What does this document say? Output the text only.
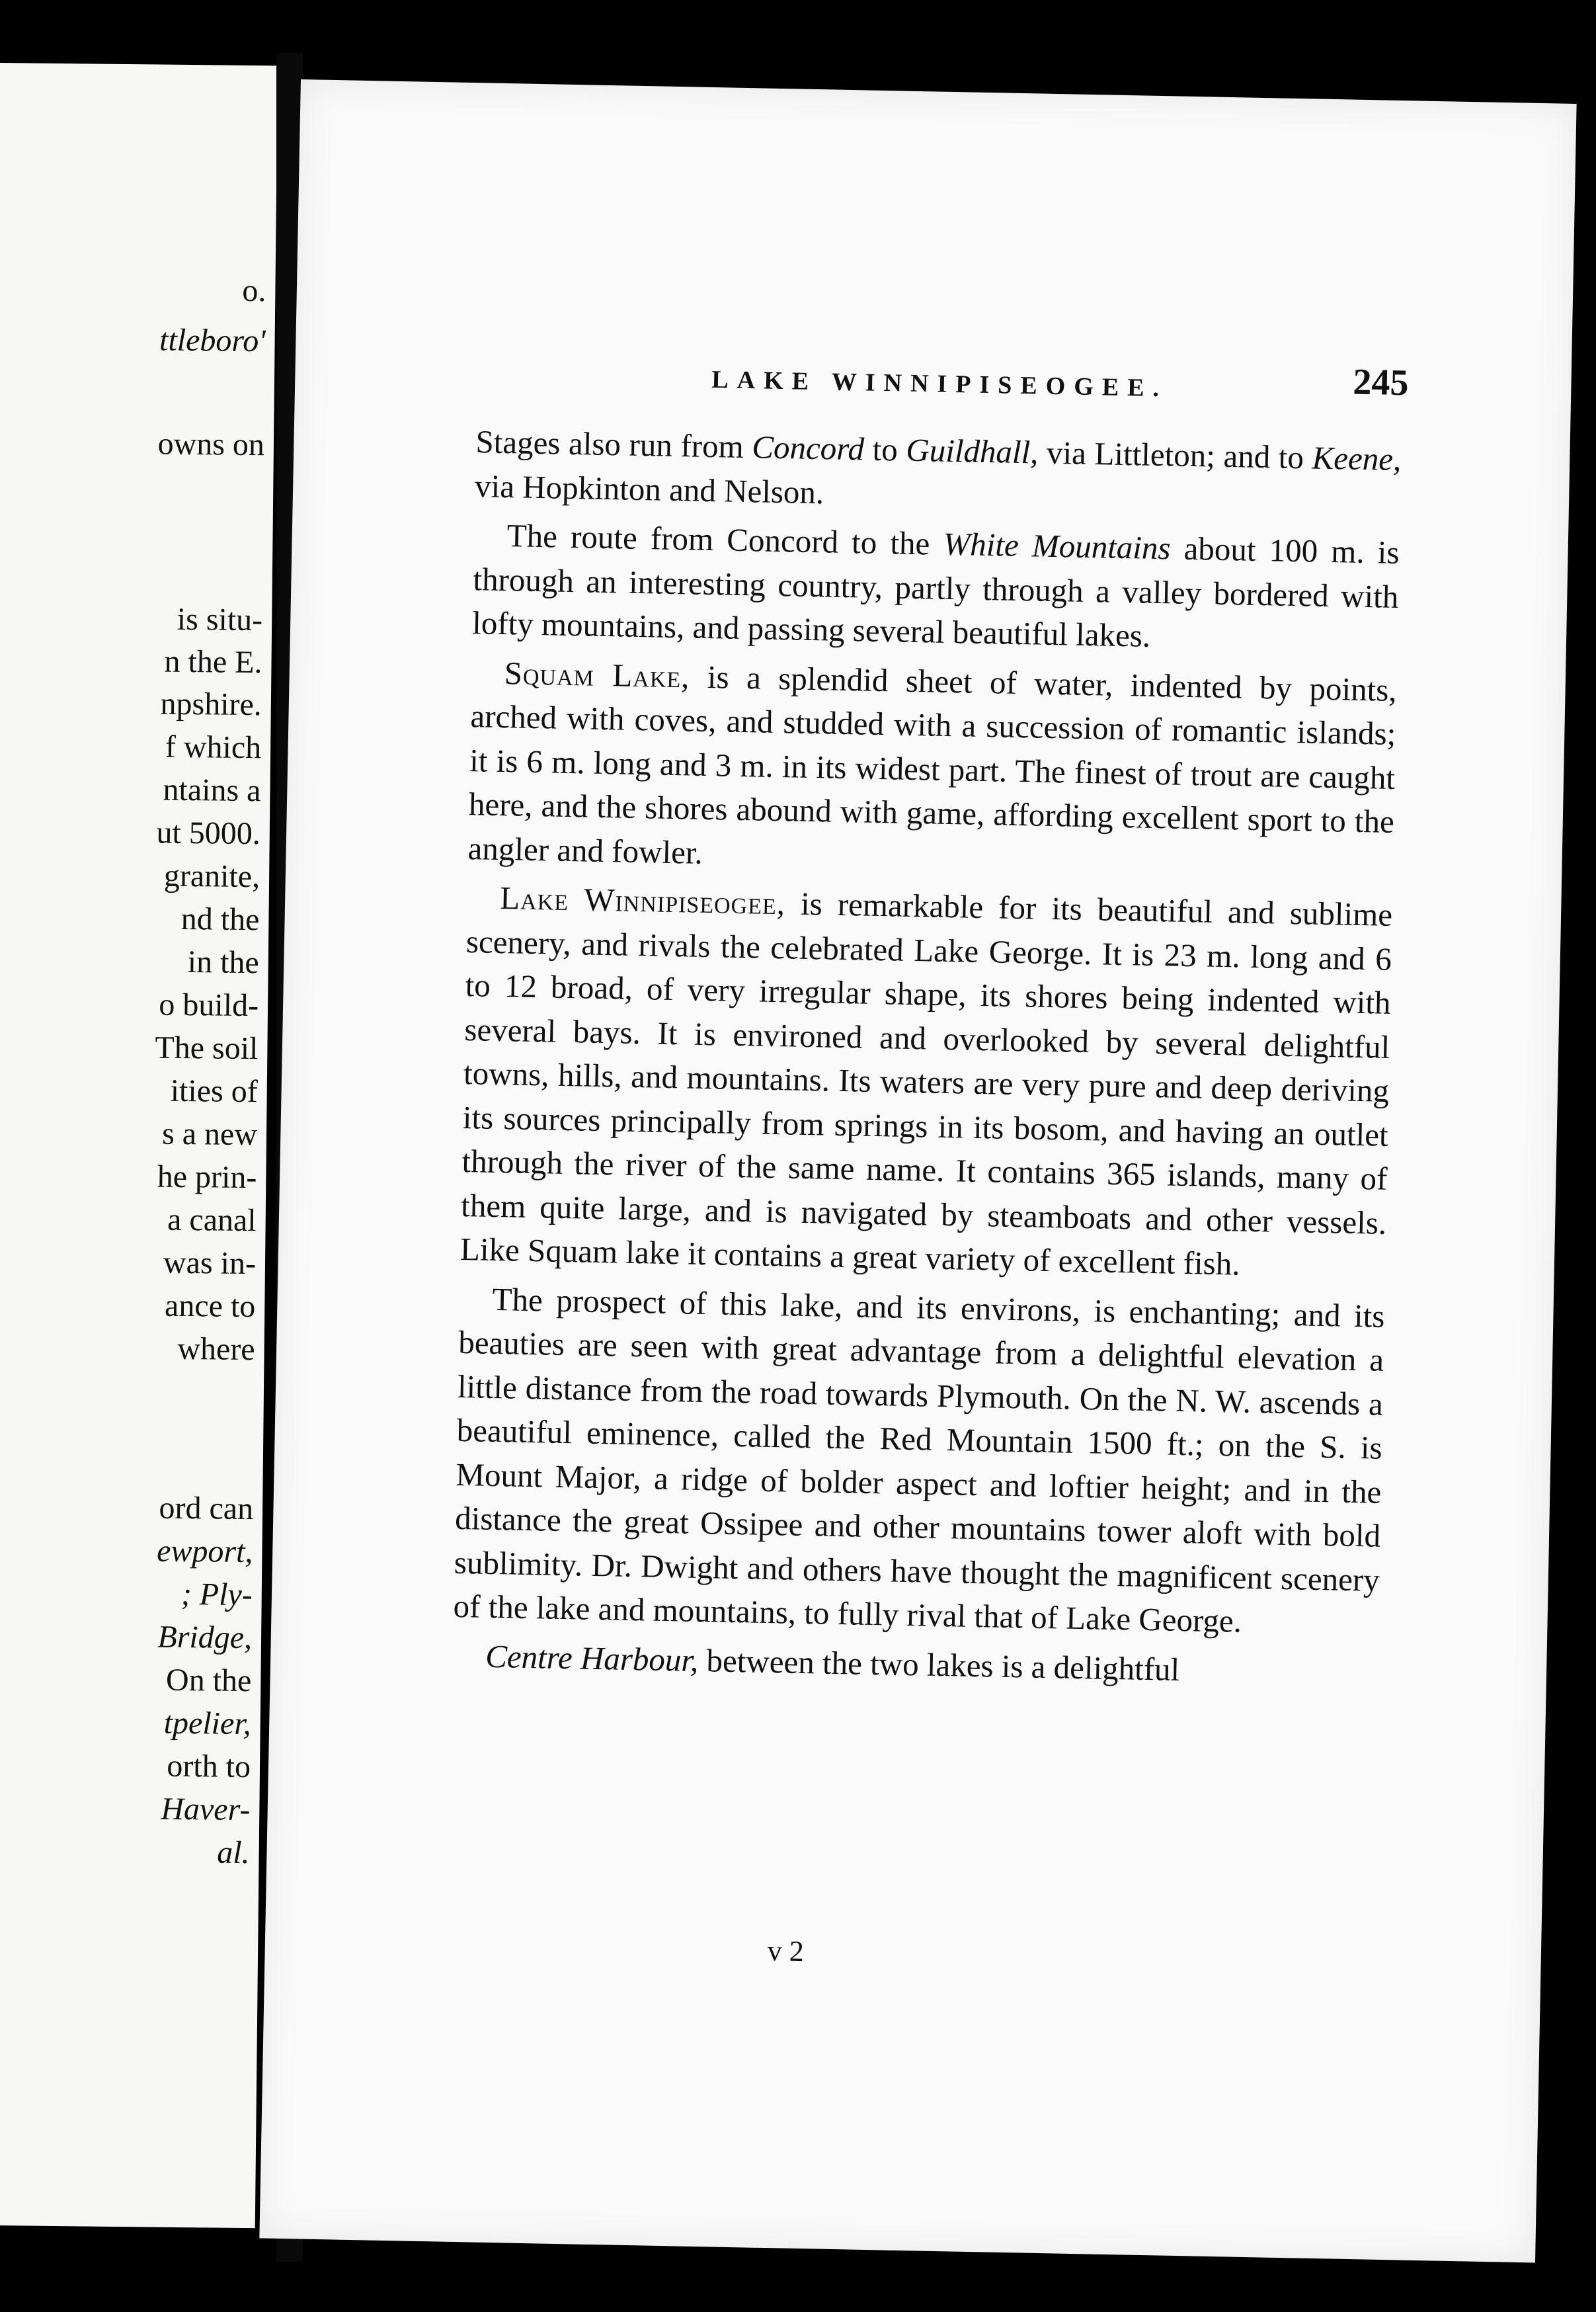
o.
ttleboro'
owns on
is situ-
n the E.
npshire.
f which
ntains a
ut 5000.
granite,
nd the
in the
o build-
The soil
ities of
s a new
he prin-
a canal
was in-
ance to
where
ord can
ewport,
; Ply-
Bridge,
On the
tpelier,
orth to
Haver-
al.
LAKE WINNIPISEOGEE.	245

Stages also run from Concord to Guildhall, via Littleton; and to Keene, via Hopkinton and Nelson.

The route from Concord to the White Mountains about 100 m. is through an interesting country, partly through a valley bordered with lofty mountains, and passing several beautiful lakes.

Squam Lake, is a splendid sheet of water, indented by points, arched with coves, and studded with a succession of romantic islands; it is 6 m. long and 3 m. in its widest part. The finest of trout are caught here, and the shores abound with game, affording excellent sport to the angler and fowler.

Lake Winnipiseogee, is remarkable for its beautiful and sublime scenery, and rivals the celebrated Lake George. It is 23 m. long and 6 to 12 broad, of very irregular shape, its shores being indented with several bays. It is environed and overlooked by several delightful towns, hills, and mountains. Its waters are very pure and deep deriving its sources principally from springs in its bosom, and having an outlet through the river of the same name. It contains 365 islands, many of them quite large, and is navigated by steamboats and other vessels. Like Squam lake it contains a great variety of excellent fish.

The prospect of this lake, and its environs, is enchanting; and its beauties are seen with great advantage from a delightful elevation a little distance from the road towards Plymouth. On the N. W. ascends a beautiful eminence, called the Red Mountain 1500 ft.; on the S. is Mount Major, a ridge of bolder aspect and loftier height; and in the distance the great Ossipee and other mountains tower aloft with bold sublimity. Dr. Dwight and others have thought the magnificent scenery of the lake and mountains, to fully rival that of Lake George.

Centre Harbour, between the two lakes is a delightful

v 2
